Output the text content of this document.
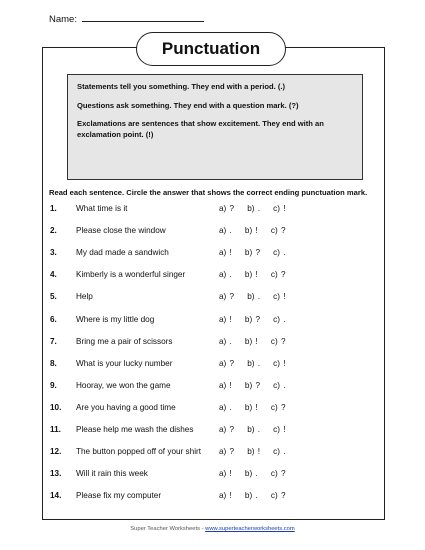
Name:
Punctuation

Statements tell you something. They end with a period. (.)

Questions ask something. They end with a question mark. (?)

Exclamations are sentences that show excitement. They end with an exclamation point. (!)

Read each sentence. Circle the answer that shows the correct ending punctuation mark.
1. What time is it	a) ?    b) .    c) !
2. Please close the window	a) .    b) !    c) ?
3. My dad made a sandwich	a) !    b) ?    c) .
4. Kimberly is a wonderful singer	a) .    b) !    c) ?
5. Help	a) ?    b) .    c) !
6. Where is my little dog	a) !    b) ?    c) .
7. Bring me a pair of scissors	a) .    b) !    c) ?
8. What is your lucky number	a) ?    b) .    c) !
9. Hooray, we won the game	a) !    b) ?    c) .
10. Are you having a good time	a) .    b) !    c) ?
11. Please help me wash the dishes	a) ?    b) .    c) !
12. The button popped off of your shirt a) ?    b) !    c) .
13. Will it rain this week	a) !    b) .    c) ?
14. Please fix my computer	a) !    b) .    c) ?
Super Teacher Worksheets - www.superteacherworksheets.com
